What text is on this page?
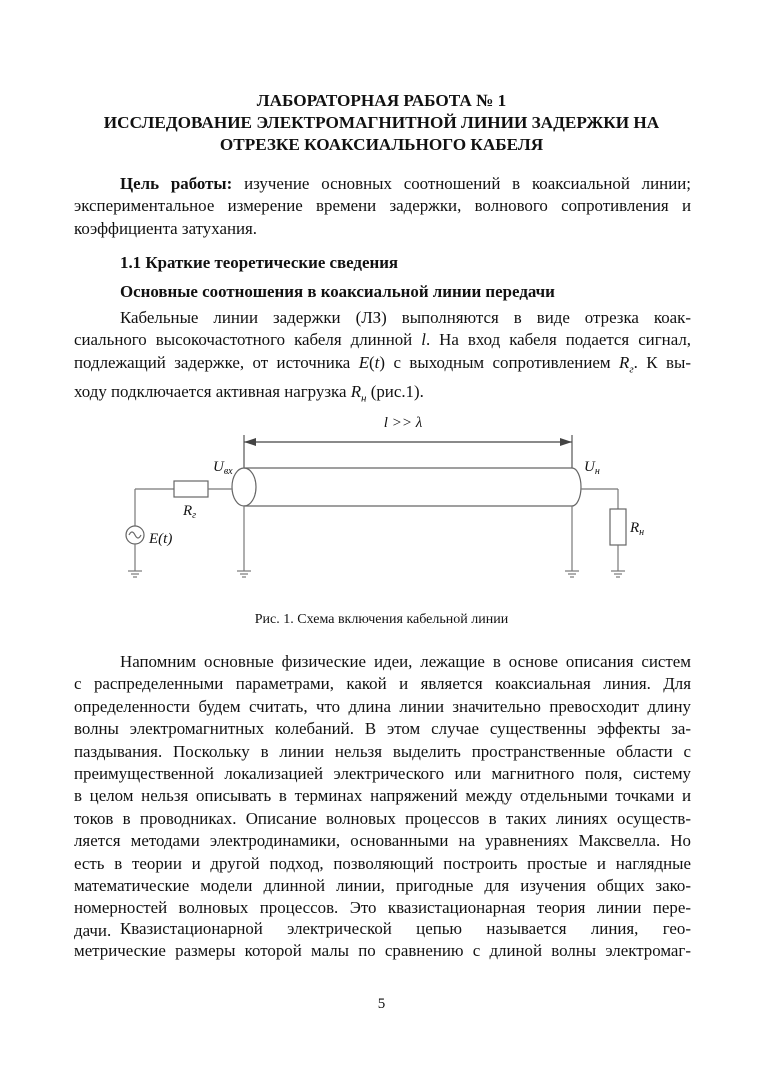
ЛАБОРАТОРНАЯ РАБОТА № 1

ИССЛЕДОВАНИЕ ЭЛЕКТРОМАГНИТНОЙ ЛИНИИ ЗАДЕРЖКИ НА

ОТРЕЗКЕ КОАКСИАЛЬНОГО КАБЕЛЯ

Цель работы: изучение основных соотношений в коаксиальной линии;
экспериментальное измерение времени задержки, волнового сопротивления и
коэффициента затухания.

1.1 Краткие теоретические сведения

Основные соотношения в коаксиальной линии передачи

Кабельные линии задержки (ЛЗ) выполняются в виде отрезка коак-
сиального высокочастотного кабеля длинной l. На вход кабеля подается сигнал,
подлежащий задержке, от источника E(t) с выходным сопротивлением $R_г$. К вы-
ходу подключается активная нагрузка $R_н$ (рис.1).
l >> λ
$U_{вх}$	$U_н$
$R_г$
$R_н$
E(t)
Рис. 1. Схема включения кабельной линии
Напомним основные физические идеи, лежащие в основе описания систем
с распределенными параметрами, какой и является коаксиальная линия. Для
определенности будем считать, что длина линии значительно превосходит длину
волны электромагнитных колебаний. В этом случае существенны эффекты за-
паздывания. Поскольку в линии нельзя выделить пространственные области с
преимущественной локализацией электрического или магнитного поля, систему
в целом нельзя описывать в терминах напряжений между отдельными точками и
токов в проводниках. Описание волновых процессов в таких линиях осуществ-
ляется методами электродинамики, основанными на уравнениях Максвелла. Но
есть в теории и другой подход, позволяющий построить простые и наглядные
математические модели длинной линии, пригодные для изучения общих зако-
номерностей волновых процессов. Это квазистационарная теория линии пере-
дачи. Квазистационарной электрической цепью называется линия, гео-
метрические размеры которой малы по сравнению с длиной волны электромаг-
5
